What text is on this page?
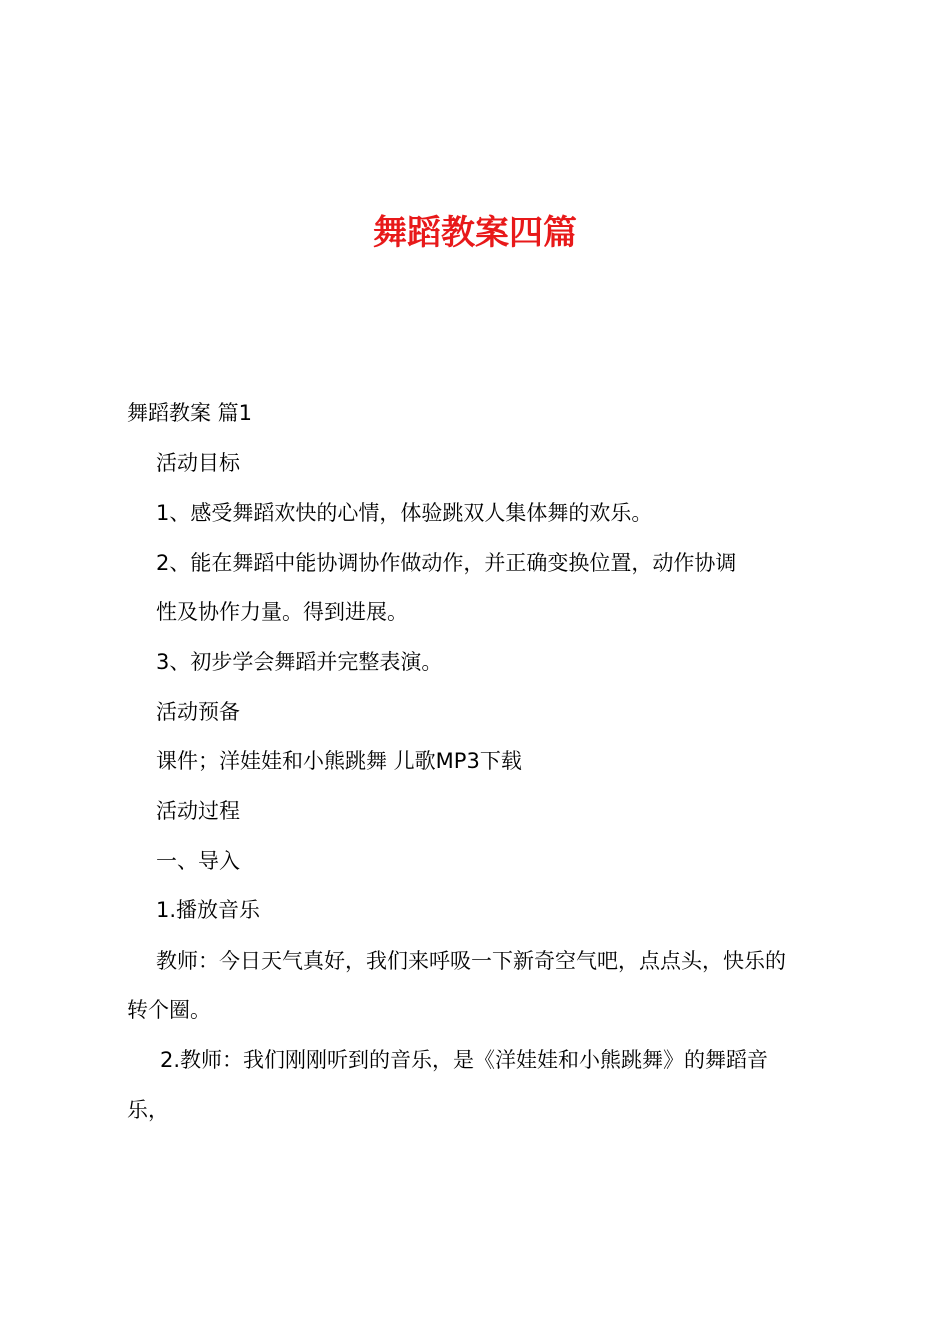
舞蹈教案四篇
舞蹈教案 篇1
活动目标
1、感受舞蹈欢快的心情，体验跳双人集体舞的欢乐。
2、能在舞蹈中能协调协作做动作，并正确变换位置，动作协调
性及协作力量。得到进展。
3、初步学会舞蹈并完整表演。
活动预备
课件；洋娃娃和小熊跳舞 儿歌MP3下载
活动过程
一、导入
1.播放音乐
教师：今日天气真好，我们来呼吸一下新奇空气吧，点点头，快乐的
转个圈。
2.教师：我们刚刚听到的音乐，是《洋娃娃和小熊跳舞》的舞蹈音
乐，
